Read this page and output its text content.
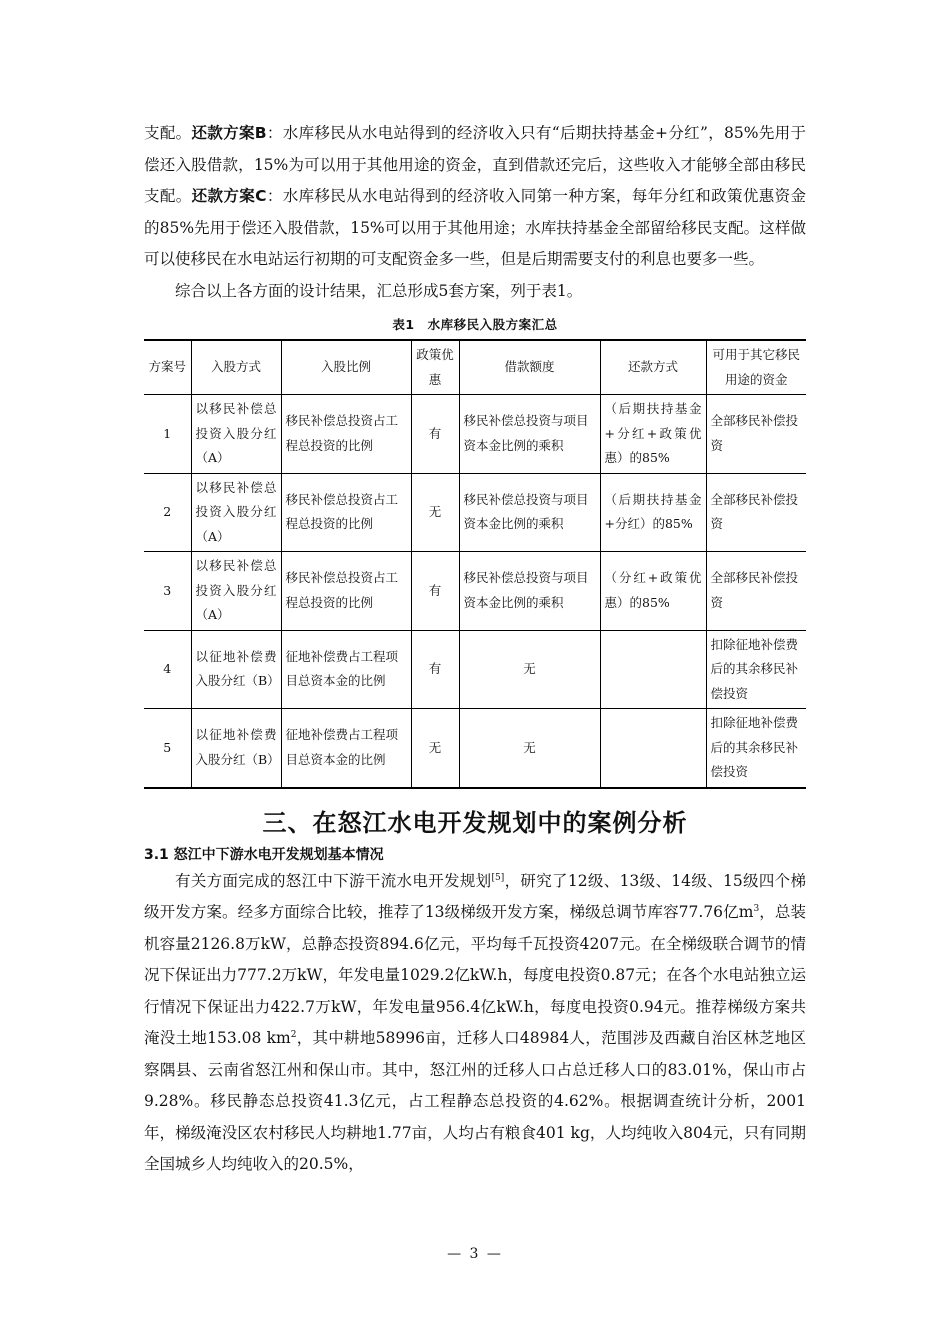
支配。还款方案B：水库移民从水电站得到的经济收入只有“后期扶持基金+分红”，85%先用于偿还入股借款，15%为可以用于其他用途的资金，直到借款还完后，这些收入才能够全部由移民支配。还款方案C：水库移民从水电站得到的经济收入同第一种方案，每年分红和政策优惠资金的85%先用于偿还入股借款，15%可以用于其他用途；水库扶持基金全部留给移民支配。这样做可以使移民在水电站运行初期的可支配资金多一些，但是后期需要支付的利息也要多一些。

综合以上各方面的设计结果，汇总形成5套方案，列于表1。

表1　水库移民入股方案汇总
方案号	入股方式	入股比例	政策优惠	借款额度	还款方式	可用于其它移民用途的资金
1	以移民补偿总投资入股分红（A）	移民补偿总投资占工程总投资的比例	有	移民补偿总投资与项目资本金比例的乘积	（后期扶持基金+分红+政策优惠）的85%	全部移民补偿投资
2	以移民补偿总投资入股分红（A）	移民补偿总投资占工程总投资的比例	无	移民补偿总投资与项目资本金比例的乘积	（后期扶持基金+分红）的85%	全部移民补偿投资
3	以移民补偿总投资入股分红（A）	移民补偿总投资占工程总投资的比例	有	移民补偿总投资与项目资本金比例的乘积	（分红+政策优惠）的85%	全部移民补偿投资
4	以征地补偿费入股分红（B）	征地补偿费占工程项目总资本金的比例	有	无		扣除征地补偿费后的其余移民补偿投资
5	以征地补偿费入股分红（B）	征地补偿费占工程项目总资本金的比例	无	无		扣除征地补偿费后的其余移民补偿投资
三、在怒江水电开发规划中的案例分析
3.1 怒江中下游水电开发规划基本情况

有关方面完成的怒江中下游干流水电开发规划[5]，研究了12级、13级、14级、15级四个梯级开发方案。经多方面综合比较，推荐了13级梯级开发方案，梯级总调节库容77.76亿$m^3$，总装机容量2126.8万kW，总静态投资894.6亿元，平均每千瓦投资4207元。在全梯级联合调节的情况下保证出力777.2万kW，年发电量1029.2亿kW.h，每度电投资0.87元；在各个水电站独立运行情况下保证出力422.7万kW，年发电量956.4亿kW.h，每度电投资0.94元。推荐梯级方案共淹没土地153.08 $km^2$，其中耕地58996亩，迁移人口48984人，范围涉及西藏自治区林芝地区察隅县、云南省怒江州和保山市。其中，怒江州的迁移人口占总迁移人口的83.01%，保山市占9.28%。移民静态总投资41.3亿元，占工程静态总投资的4.62%。根据调查统计分析，2001年，梯级淹没区农村移民人均耕地1.77亩，人均占有粮食401 kg，人均纯收入804元，只有同期全国城乡人均纯收入的20.5%，

— 3 —
